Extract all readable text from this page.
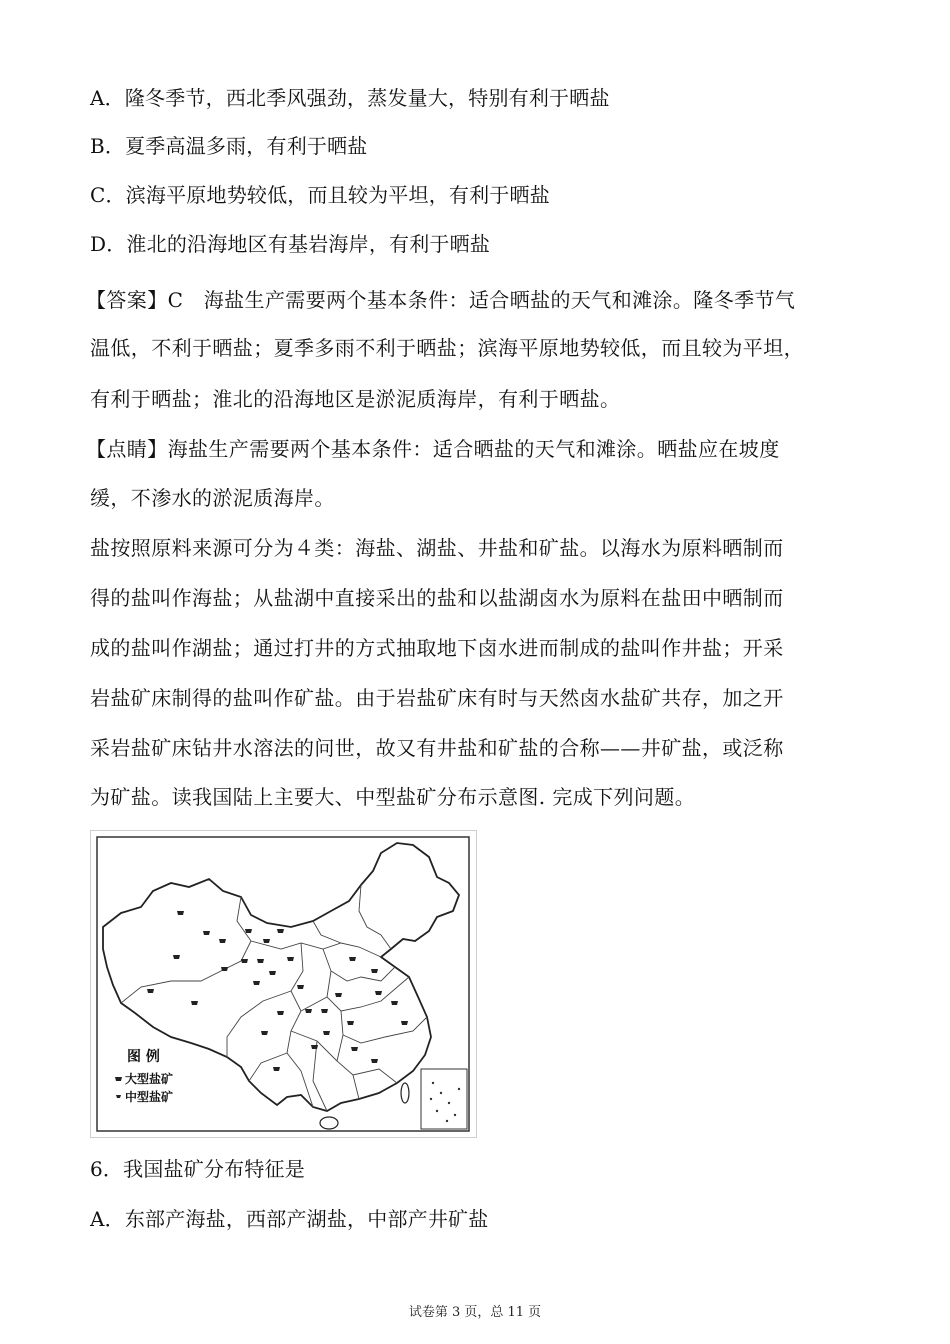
A．隆冬季节，西北季风强劲，蒸发量大，特别有利于晒盐
B．夏季高温多雨，有利于晒盐
C．滨海平原地势较低，而且较为平坦，有利于晒盐
D．淮北的沿海地区有基岩海岸，有利于晒盐
【答案】C　海盐生产需要两个基本条件：适合晒盐的天气和滩涂。隆冬季节气
温低，不利于晒盐；夏季多雨不利于晒盐；滨海平原地势较低，而且较为平坦，
有利于晒盐；淮北的沿海地区是淤泥质海岸，有利于晒盐。
【点睛】海盐生产需要两个基本条件：适合晒盐的天气和滩涂。晒盐应在坡度
缓，不渗水的淤泥质海岸。
盐按照原料来源可分为４类：海盐、湖盐、井盐和矿盐。以海水为原料晒制而
得的盐叫作海盐；从盐湖中直接采出的盐和以盐湖卤水为原料在盐田中晒制而
成的盐叫作湖盐；通过打井的方式抽取地下卤水进而制成的盐叫作井盐；开采
岩盐矿床制得的盐叫作矿盐。由于岩盐矿床有时与天然卤水盐矿共存，加之开
采岩盐矿床钻井水溶法的问世，故又有井盐和矿盐的合称——井矿盐，或泛称
为矿盐。读我国陆上主要大、中型盐矿分布示意图. 完成下列问题。
图 例
大型盐矿
中型盐矿
6．我国盐矿分布特征是
A．东部产海盐，西部产湖盐，中部产井矿盐
试卷第 3 页，总 11 页
